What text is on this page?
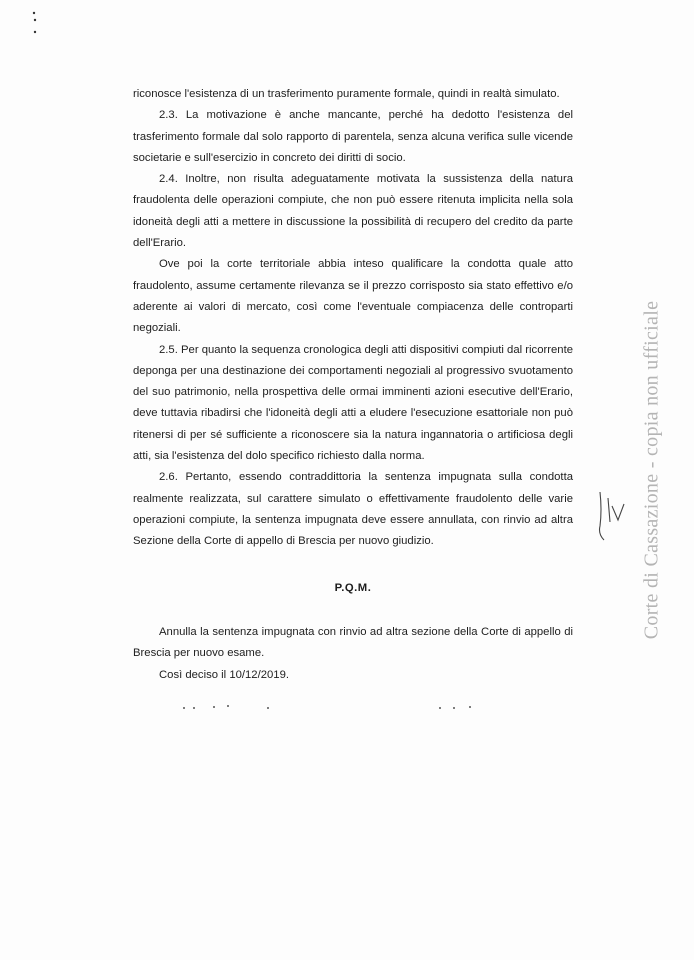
riconosce l'esistenza di un trasferimento puramente formale, quindi in realtà simulato.

2.3. La motivazione è anche mancante, perché ha dedotto l'esistenza del trasferimento formale dal solo rapporto di parentela, senza alcuna verifica sulle vicende societarie e sull'esercizio in concreto dei diritti di socio.

2.4. Inoltre, non risulta adeguatamente motivata la sussistenza della natura fraudolenta delle operazioni compiute, che non può essere ritenuta implicita nella sola idoneità degli atti a mettere in discussione la possibilità di recupero del credito da parte dell'Erario.

Ove poi la corte territoriale abbia inteso qualificare la condotta quale atto fraudolento, assume certamente rilevanza se il prezzo corrisposto sia stato effettivo e/o aderente ai valori di mercato, così come l'eventuale compiacenza delle controparti negoziali.

2.5. Per quanto la sequenza cronologica degli atti dispositivi compiuti dal ricorrente deponga per una destinazione dei comportamenti negoziali al progressivo svuotamento del suo patrimonio, nella prospettiva delle ormai imminenti azioni esecutive dell'Erario, deve tuttavia ribadirsi che l'idoneità degli atti a eludere l'esecuzione esattoriale non può ritenersi di per sé sufficiente a riconoscere sia la natura ingannatoria o artificiosa degli atti, sia l'esistenza del dolo specifico richiesto dalla norma.

2.6. Pertanto, essendo contraddittoria la sentenza impugnata sulla condotta realmente realizzata, sul carattere simulato o effettivamente fraudolento delle varie operazioni compiute, la sentenza impugnata deve essere annullata, con rinvio ad altra Sezione della Corte di appello di Brescia per nuovo giudizio.

P.Q.M.

Annulla la sentenza impugnata con rinvio ad altra sezione della Corte di appello di Brescia per nuovo esame.

Così deciso il 10/12/2019.

Corte di Cassazione - copia non ufficiale
